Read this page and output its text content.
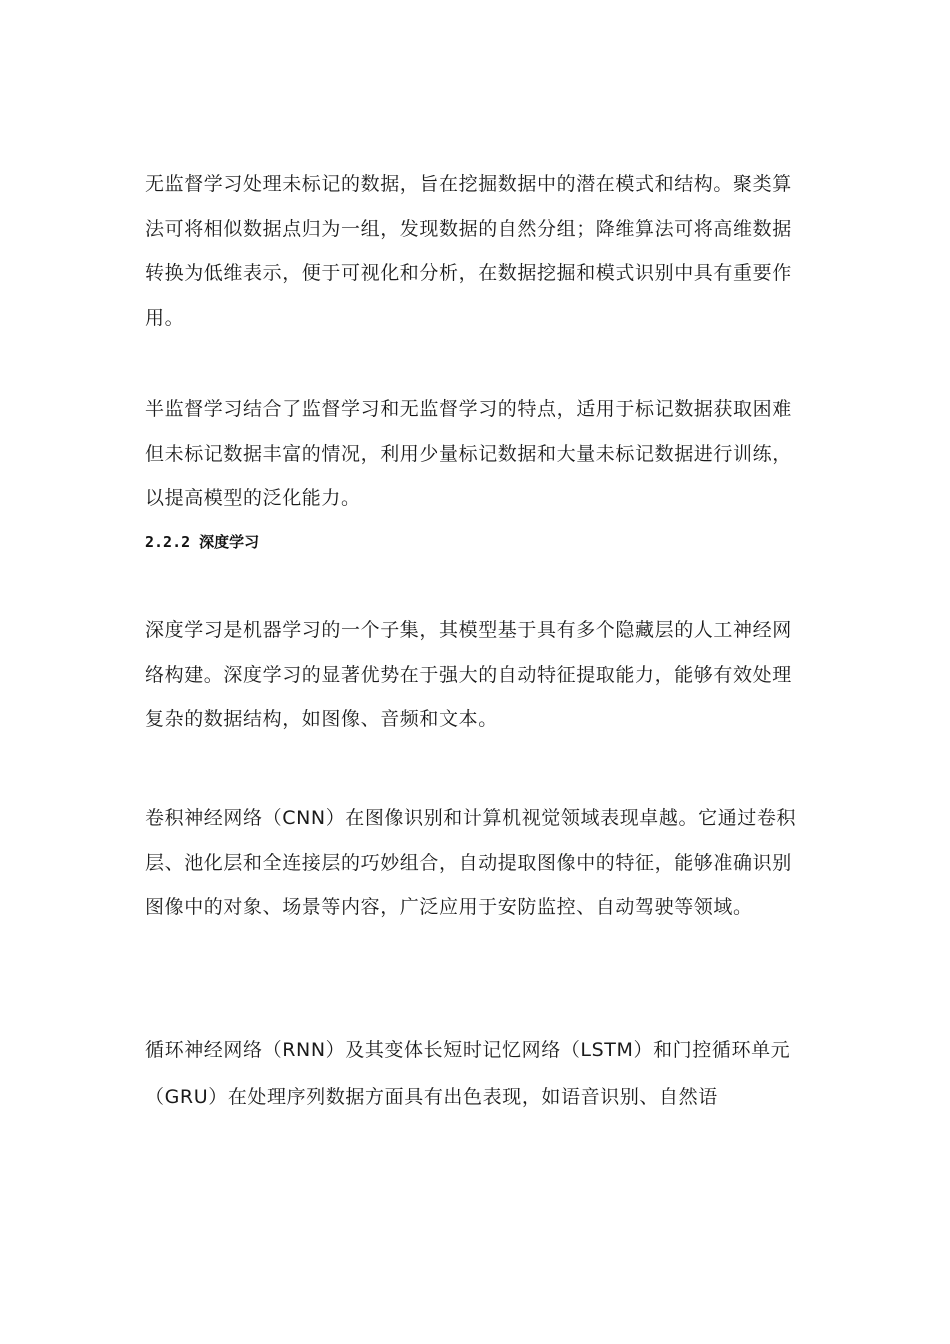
无监督学习处理未标记的数据，旨在挖掘数据中的潜在模式和结构。聚类算法可将相似数据点归为一组，发现数据的自然分组；降维算法可将高维数据转换为低维表示，便于可视化和分析，在数据挖掘和模式识别中具有重要作用。

半监督学习结合了监督学习和无监督学习的特点，适用于标记数据获取困难但未标记数据丰富的情况，利用少量标记数据和大量未标记数据进行训练，以提高模型的泛化能力。

2.2.2 深度学习

深度学习是机器学习的一个子集，其模型基于具有多个隐藏层的人工神经网络构建。深度学习的显著优势在于强大的自动特征提取能力，能够有效处理复杂的数据结构，如图像、音频和文本。

卷积神经网络（CNN）在图像识别和计算机视觉领域表现卓越。它通过卷积层、池化层和全连接层的巧妙组合，自动提取图像中的特征，能够准确识别图像中的对象、场景等内容，广泛应用于安防监控、自动驾驶等领域。

循环神经网络（RNN）及其变体长短时记忆网络（LSTM）和门控循环单元（GRU）在处理序列数据方面具有出色表现，如语音识别、自然语
